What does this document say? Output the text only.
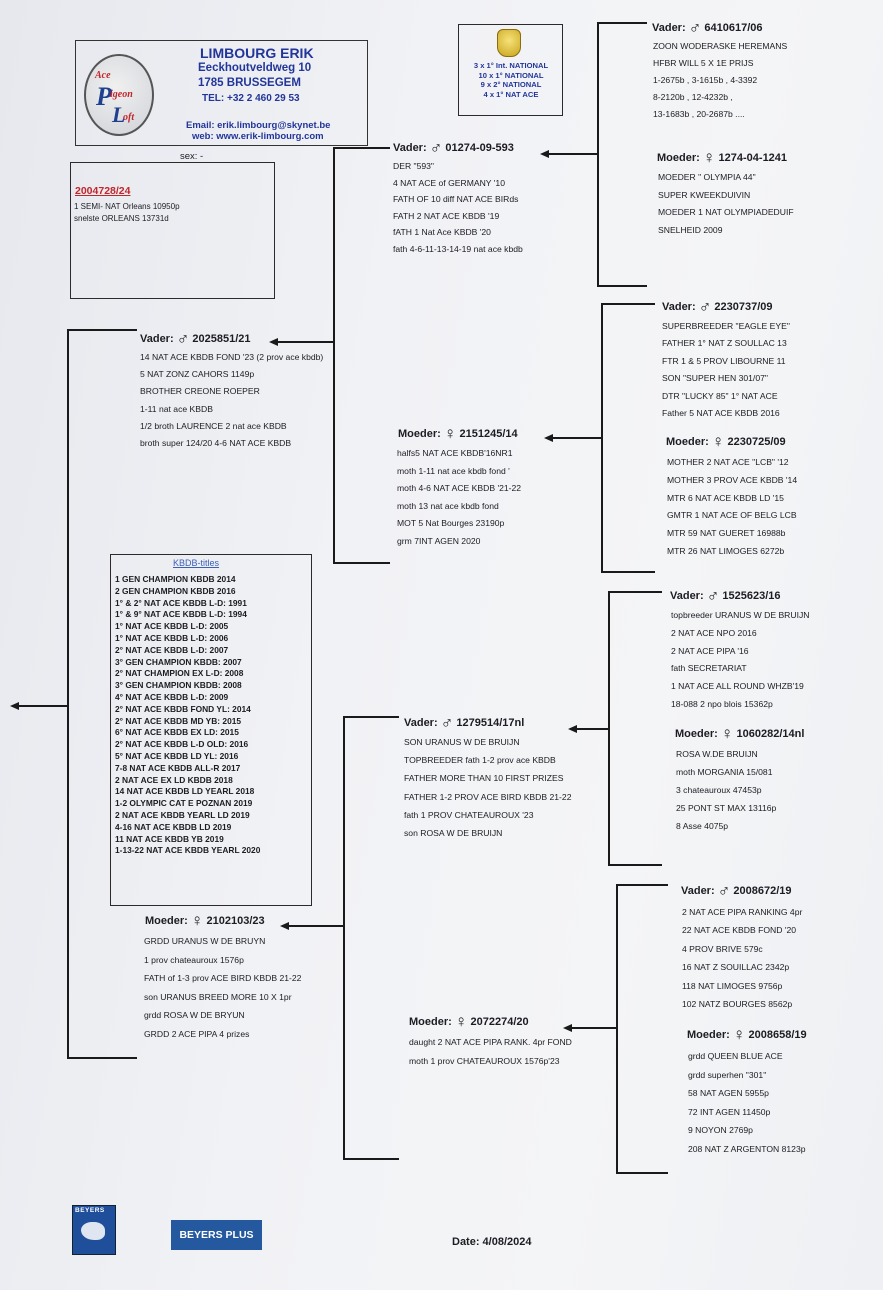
Ace
P
igeon
L
oft
LIMBOURG ERIK
Eeckhoutveldweg 10
1785 BRUSSEGEM
TEL: +32 2 460 29 53
Email: erik.limbourg@skynet.be
web: www.erik-limbourg.com
3 x 1° Int. NATIONAL
10 x 1° NATIONAL
9 x 2° NATIONAL
4 x 1° NAT ACE
sex: -
2004728/24
1 SEMI- NAT Orleans 10950p
snelste ORLEANS 13731d
KBDB-titles
1 GEN CHAMPION KBDB 2014
2 GEN CHAMPION KBDB 2016
1° & 2° NAT ACE KBDB L-D: 1991
1° & 9° NAT ACE KBDB L-D: 1994
1° NAT ACE KBDB L-D: 2005
1° NAT ACE KBDB L-D: 2006
2° NAT ACE KBDB L-D: 2007
3° GEN CHAMPION KBDB: 2007
2° NAT CHAMPION EX L-D: 2008
3° GEN CHAMPION KBDB: 2008
4° NAT ACE KBDB L-D: 2009
2° NAT ACE KBDB FOND YL: 2014
2° NAT ACE KBDB MD YB: 2015
6° NAT ACE KBDB EX LD: 2015
2° NAT ACE KBDB L-D OLD: 2016
5° NAT ACE KBDB LD YL: 2016
7-8 NAT ACE KBDB ALL-R 2017
2 NAT ACE EX LD KBDB 2018
14 NAT ACE KBDB LD YEARL 2018
1-2 OLYMPIC CAT E POZNAN 2019
2 NAT ACE KBDB YEARL LD 2019
4-16 NAT ACE KBDB LD 2019
11 NAT ACE KBDB YB 2019
1-13-22 NAT ACE KBDB YEARL 2020
Vader: ♂ 2025851/21
14 NAT ACE KBDB FOND '23 (2 prov ace kbdb)
5 NAT ZONZ CAHORS 1149p
BROTHER CREONE ROEPER
1-11 nat ace KBDB
1/2 broth LAURENCE 2 nat ace KBDB
broth super 124/20 4-6 NAT ACE KBDB
Moeder: ♀ 2102103/23
GRDD URANUS W DE BRUYN
1 prov chateauroux 1576p
FATH of 1-3 prov ACE BIRD KBDB 21-22
son URANUS BREED MORE 10 X 1pr
grdd ROSA W DE BRYUN
GRDD 2 ACE PIPA 4 prizes
Vader: ♂ 01274-09-593
DER "593"
4 NAT ACE of GERMANY '10
FATH OF 10 diff NAT ACE BIRds
FATH 2 NAT ACE KBDB '19
fATH 1 Nat Ace KBDB '20
fath 4-6-11-13-14-19 nat ace kbdb
Moeder: ♀ 2151245/14
halfs5 NAT ACE KBDB'16NR1
moth 1-11 nat ace kbdb fond '
moth 4-6 NAT ACE KBDB '21-22
moth 13 nat ace kbdb fond
MOT 5 Nat Bourges 23190p
grm 7INT AGEN 2020
Vader: ♂ 1279514/17nl
SON URANUS W DE BRUIJN
TOPBREEDER fath 1-2 prov ace KBDB
FATHER MORE THAN 10 FIRST PRIZES
FATHER 1-2 PROV ACE BIRD KBDB 21-22
fath 1 PROV CHATEAUROUX '23
son ROSA W DE BRUIJN
Moeder: ♀ 2072274/20
daught 2 NAT ACE PIPA RANK. 4pr FOND
moth 1 prov CHATEAUROUX 1576p'23
Vader: ♂ 6410617/06
ZOON WODERASKE HEREMANS
HFBR WILL 5 X 1E PRIJS
1-2675b , 3-1615b , 4-3392
8-2120b , 12-4232b ,
13-1683b , 20-2687b ....
Moeder: ♀ 1274-04-1241
MOEDER " OLYMPIA 44"
SUPER KWEEKDUIVIN
MOEDER 1 NAT OLYMPIADEDUIF
SNELHEID 2009
Vader: ♂ 2230737/09
SUPERBREEDER "EAGLE EYE"
FATHER 1° NAT Z SOULLAC 13
FTR 1 & 5 PROV LIBOURNE 11
SON "SUPER HEN 301/07"
DTR "LUCKY 85" 1° NAT ACE
Father 5 NAT ACE KBDB 2016
Moeder: ♀ 2230725/09
MOTHER 2 NAT ACE "LCB" '12
MOTHER 3 PROV ACE KBDB '14
MTR 6 NAT ACE KBDB LD '15
GMTR 1 NAT ACE OF BELG LCB
MTR 59 NAT GUERET 16988b
MTR 26 NAT LIMOGES 6272b
Vader: ♂ 1525623/16
topbreeder URANUS W DE BRUIJN
2 NAT ACE NPO 2016
2 NAT ACE PIPA '16
fath SECRETARIAT
1 NAT ACE ALL ROUND WHZB'19
18-088 2 npo blois 15362p
Moeder: ♀ 1060282/14nl
ROSA W.DE BRUIJN
moth MORGANIA 15/081
3 chateauroux 47453p
25 PONT ST MAX 13116p
8 Asse 4075p
Vader: ♂ 2008672/19
2 NAT ACE PIPA RANKING 4pr
22 NAT ACE KBDB FOND '20
4 PROV BRIVE 579c
16 NAT Z SOUILLAC 2342p
118 NAT LIMOGES 9756p
102 NATZ BOURGES 8562p
Moeder: ♀ 2008658/19
grdd QUEEN BLUE ACE
grdd superhen "301"
58 NAT AGEN 5955p
72 INT AGEN 11450p
9 NOYON 2769p
208 NAT Z ARGENTON 8123p
BEYERS
BEYERS PLUS
Date: 4/08/2024
